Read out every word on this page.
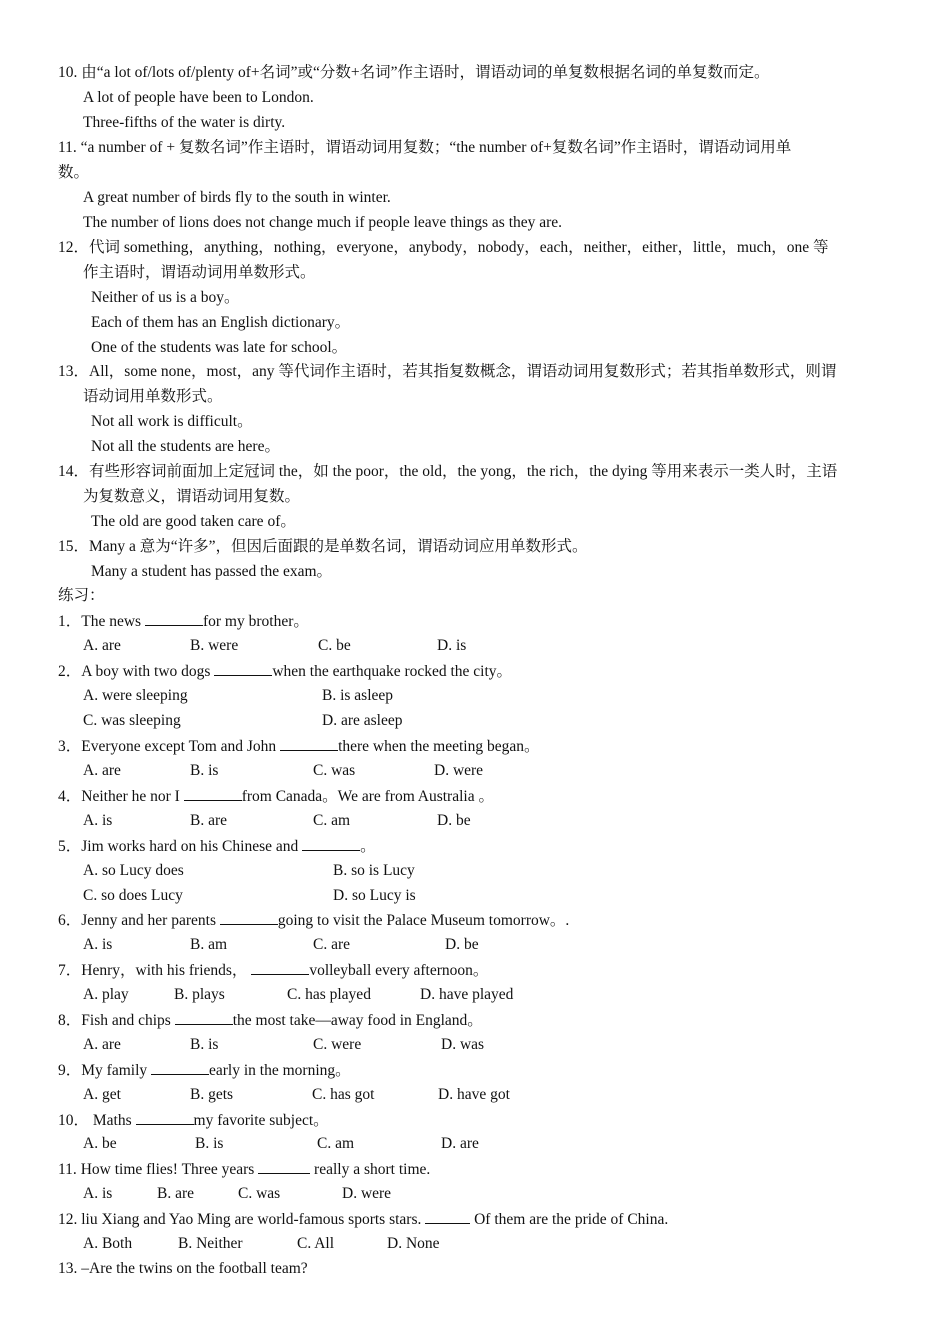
10. 由“a lot of/lots of/plenty of+名词”或“分数+名词”作主语时，谓语动词的单复数根据名词的单复数而定。
A lot of people have been to London.
Three-fifths of the water is dirty.
11. “a number of + 复数名词”作主语时，谓语动词用复数；“the number of+复数名词”作主语时，谓语动词用单
数。
A great number of birds fly to the south in winter.
The number of lions does not change much if people leave things as they are.
12．代词 something，anything，nothing，everyone，anybody，nobody，each，neither，either，little，much，one 等
作主语时，谓语动词用单数形式。
Neither of us is a boy。
Each of them has an English dictionary。
One of the students was late for school。
13．All，some none，most，any 等代词作主语时，若其指复数概念，谓语动词用复数形式；若其指单数形式，则谓
语动词用单数形式。
Not all work is difficult。
Not all the students are here。
14．有些形容词前面加上定冠词 the，如 the poor，the old，the yong，the rich，the dying 等用来表示一类人时，主语
为复数意义，谓语动词用复数。
The old are good taken care of。
15．Many a 意为“许多”，但因后面跟的是单数名词，谓语动词应用单数形式。
Many a student has passed the exam。
练习：
1．The news	for my brother。
A. are	B. were	C. be	D. is
2．A boy with two dogs	when the earthquake rocked the city。
A. were sleeping	B. is asleep
C. was sleeping	D. are asleep
3．Everyone except Tom and John	there when the meeting began。
A. are	B. is	C. was	D. were
4．Neither he nor I	from Canada。We are from Australia 。
A. is	B. are	C. am	D. be
5．Jim works hard on his Chinese and	。
A. so Lucy does	B. so is Lucy
C. so does Lucy	D. so Lucy is
6．Jenny and her parents	going to visit the Palace Museum tomorrow。.
A. is	B. am	C. are	D. be
7．Henry，with his friends，	volleyball every afternoon。
A. play	B. plays	C. has played	D. have played
8．Fish and chips	the most take—away food in England。
A. are	B. is	C. were	D. was
9．My family	early in the morning。
A. get	B. gets	C. has got	D. have got
10． Maths	my favorite subject。
A. be	B. is	C. am	D. are
11. How time flies! Three years	really a short time.
A. is	B. are	C. was	D. were
12. liu Xiang and Yao Ming are world-famous sports stars.	Of them are the pride of China.
A. Both	B. Neither	C. All	D. None
13. –Are the twins on the football team?
